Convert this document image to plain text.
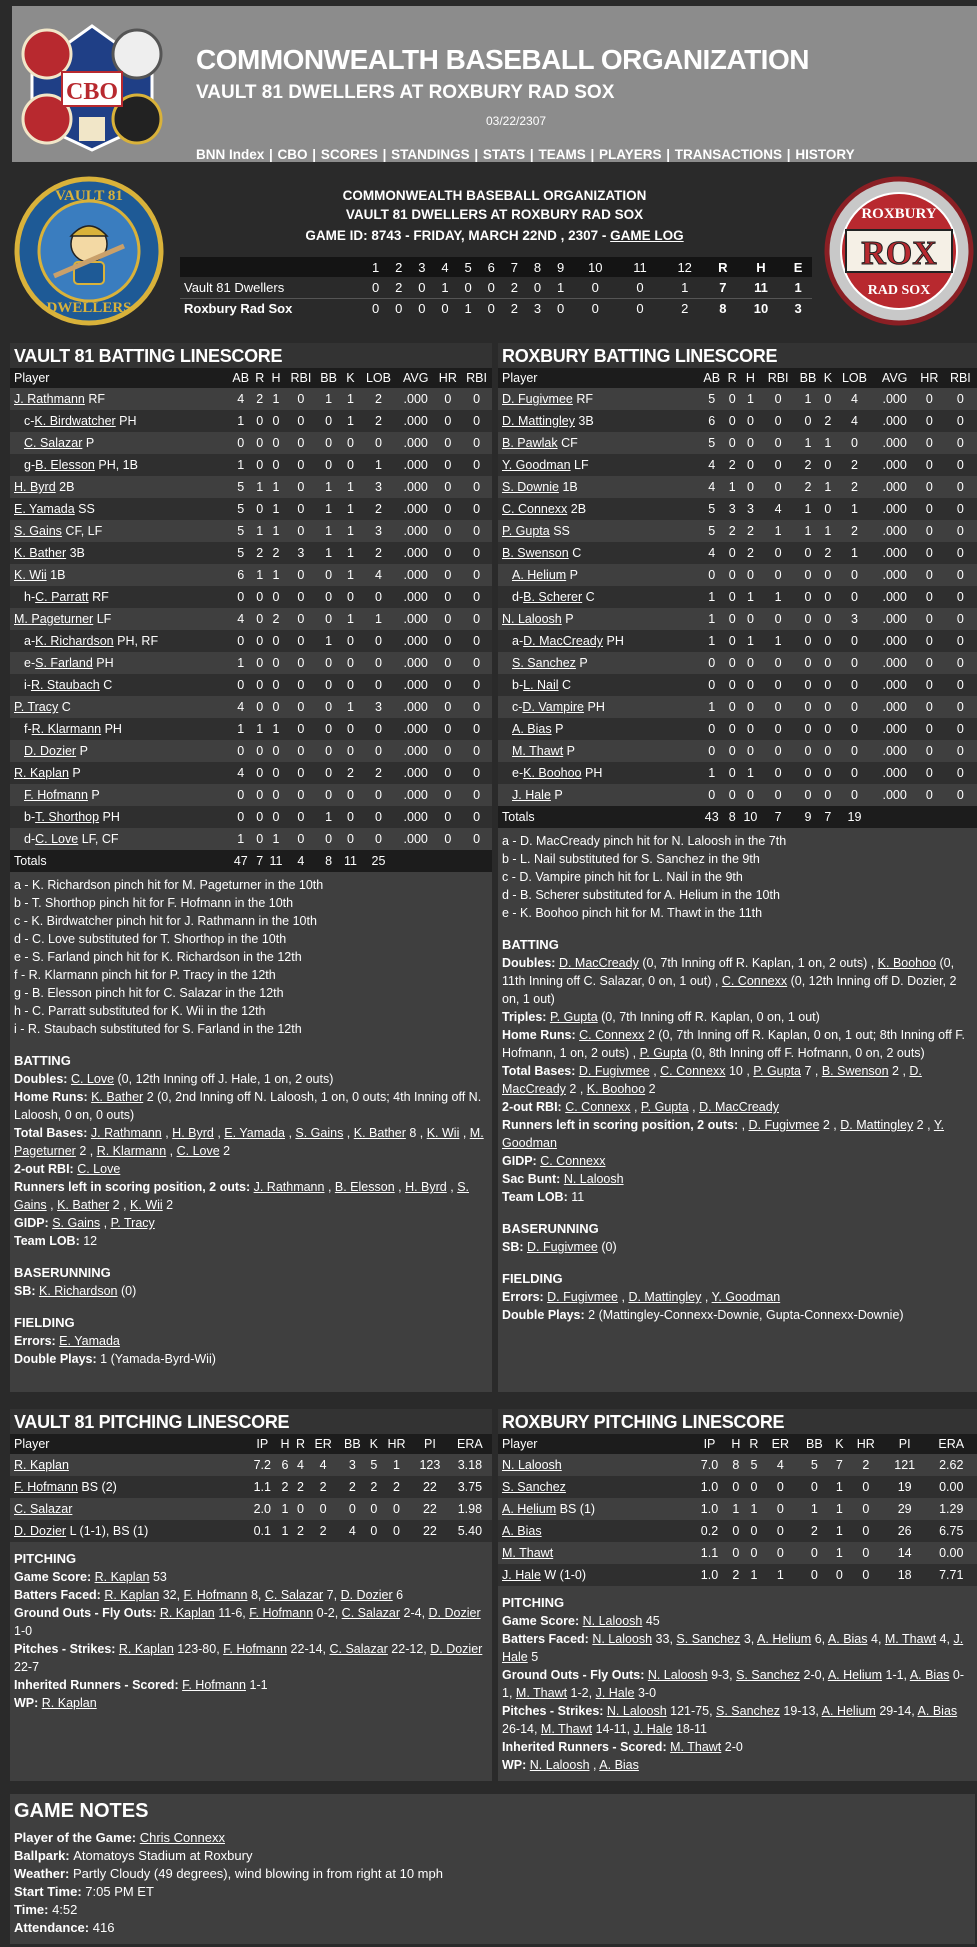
CBO
COMMONWEALTH BASEBALL ORGANIZATION
VAULT 81 DWELLERS AT ROXBURY RAD SOX
03/22/2307
BNN Index | CBO | SCORES | STANDINGS | STATS | TEAMS | PLAYERS | TRANSACTIONS | HISTORY
VAULT 81
DWELLERS
COMMONWEALTH BASEBALL ORGANIZATION
VAULT 81 DWELLERS AT ROXBURY RAD SOX
GAME ID: 8743 - FRIDAY, MARCH 22ND , 2307 - GAME LOG
	1	2	3	4	5	6	7	8	9	10	11	12	R	H	E
Vault 81 Dwellers	0	2	0	1	0	0	2	0	1	0	0	1	7	11	1
Roxbury Rad Sox	0	0	0	0	1	0	2	3	0	0	0	2	8	10	3
ROX
ROXBURY
RAD SOX
VAULT 81 BATTING LINESCORE
Player	AB	R	H	RBI	BB	K	LOB	AVG	HR	RBI
J. Rathmann RF	4	2	1	0	1	1	2	.000	0	0
c-K. Birdwatcher PH	1	0	0	0	0	1	2	.000	0	0
C. Salazar P	0	0	0	0	0	0	0	.000	0	0
g-B. Elesson PH, 1B	1	0	0	0	0	0	1	.000	0	0
H. Byrd 2B	5	1	1	0	1	1	3	.000	0	0
E. Yamada SS	5	0	1	0	1	1	2	.000	0	0
S. Gains CF, LF	5	1	1	0	1	1	3	.000	0	0
K. Bather 3B	5	2	2	3	1	1	2	.000	0	0
K. Wii 1B	6	1	1	0	0	1	4	.000	0	0
h-C. Parratt RF	0	0	0	0	0	0	0	.000	0	0
M. Pageturner LF	4	0	2	0	0	1	1	.000	0	0
a-K. Richardson PH, RF	0	0	0	0	1	0	0	.000	0	0
e-S. Farland PH	1	0	0	0	0	0	0	.000	0	0
i-R. Staubach C	0	0	0	0	0	0	0	.000	0	0
P. Tracy C	4	0	0	0	0	1	3	.000	0	0
f-R. Klarmann PH	1	1	1	0	0	0	0	.000	0	0
D. Dozier P	0	0	0	0	0	0	0	.000	0	0
R. Kaplan P	4	0	0	0	0	2	2	.000	0	0
F. Hofmann P	0	0	0	0	0	0	0	.000	0	0
b-T. Shorthop PH	0	0	0	0	1	0	0	.000	0	0
d-C. Love LF, CF	1	0	1	0	0	0	0	.000	0	0
Totals	47	7	11	4	8	11	25			
a - K. Richardson pinch hit for M. Pageturner in the 10th
b - T. Shorthop pinch hit for F. Hofmann in the 10th
c - K. Birdwatcher pinch hit for J. Rathmann in the 10th
d - C. Love substituted for T. Shorthop in the 10th
e - S. Farland pinch hit for K. Richardson in the 12th
f - R. Klarmann pinch hit for P. Tracy in the 12th
g - B. Elesson pinch hit for C. Salazar in the 12th
h - C. Parratt substituted for K. Wii in the 12th
i - R. Staubach substituted for S. Farland in the 12th
BATTING
Doubles: C. Love (0, 12th Inning off J. Hale, 1 on, 2 outs)
Home Runs: K. Bather 2 (0, 2nd Inning off N. Laloosh, 1 on, 0 outs; 4th Inning off N. Laloosh, 0 on, 0 outs)
Total Bases: J. Rathmann , H. Byrd , E. Yamada , S. Gains , K. Bather 8 , K. Wii , M. Pageturner 2 , R. Klarmann , C. Love 2
2-out RBI: C. Love
Runners left in scoring position, 2 outs: J. Rathmann , B. Elesson , H. Byrd , S. Gains , K. Bather 2 , K. Wii 2
GIDP: S. Gains , P. Tracy
Team LOB: 12
BASERUNNING
SB: K. Richardson (0)
FIELDING
Errors: E. Yamada
Double Plays: 1 (Yamada-Byrd-Wii)
ROXBURY BATTING LINESCORE
Player	AB	R	H	RBI	BB	K	LOB	AVG	HR	RBI
D. Fugivmee RF	5	0	1	0	1	0	4	.000	0	0
D. Mattingley 3B	6	0	0	0	0	2	4	.000	0	0
B. Pawlak CF	5	0	0	0	1	1	0	.000	0	0
Y. Goodman LF	4	2	0	0	2	0	2	.000	0	0
S. Downie 1B	4	1	0	0	2	1	2	.000	0	0
C. Connexx 2B	5	3	3	4	1	0	1	.000	0	0
P. Gupta SS	5	2	2	1	1	1	2	.000	0	0
B. Swenson C	4	0	2	0	0	2	1	.000	0	0
A. Helium P	0	0	0	0	0	0	0	.000	0	0
d-B. Scherer C	1	0	1	1	0	0	0	.000	0	0
N. Laloosh P	1	0	0	0	0	0	3	.000	0	0
a-D. MacCready PH	1	0	1	1	0	0	0	.000	0	0
S. Sanchez P	0	0	0	0	0	0	0	.000	0	0
b-L. Nail C	0	0	0	0	0	0	0	.000	0	0
c-D. Vampire PH	1	0	0	0	0	0	0	.000	0	0
A. Bias P	0	0	0	0	0	0	0	.000	0	0
M. Thawt P	0	0	0	0	0	0	0	.000	0	0
e-K. Boohoo PH	1	0	1	0	0	0	0	.000	0	0
J. Hale P	0	0	0	0	0	0	0	.000	0	0
Totals	43	8	10	7	9	7	19			
a - D. MacCready pinch hit for N. Laloosh in the 7th
b - L. Nail substituted for S. Sanchez in the 9th
c - D. Vampire pinch hit for L. Nail in the 9th
d - B. Scherer substituted for A. Helium in the 10th
e - K. Boohoo pinch hit for M. Thawt in the 11th
BATTING
Doubles: D. MacCready (0, 7th Inning off R. Kaplan, 1 on, 2 outs) , K. Boohoo (0, 11th Inning off C. Salazar, 0 on, 1 out) , C. Connexx (0, 12th Inning off D. Dozier, 2 on, 1 out)
Triples: P. Gupta (0, 7th Inning off R. Kaplan, 0 on, 1 out)
Home Runs: C. Connexx 2 (0, 7th Inning off R. Kaplan, 0 on, 1 out; 8th Inning off F. Hofmann, 1 on, 2 outs) , P. Gupta (0, 8th Inning off F. Hofmann, 0 on, 2 outs)
Total Bases: D. Fugivmee , C. Connexx 10 , P. Gupta 7 , B. Swenson 2 , D. MacCready 2 , K. Boohoo 2
2-out RBI: C. Connexx , P. Gupta , D. MacCready
Runners left in scoring position, 2 outs: , D. Fugivmee 2 , D. Mattingley 2 , Y. Goodman
GIDP: C. Connexx
Sac Bunt: N. Laloosh
Team LOB: 11
BASERUNNING
SB: D. Fugivmee (0)
FIELDING
Errors: D. Fugivmee , D. Mattingley , Y. Goodman
Double Plays: 2 (Mattingley-Connexx-Downie, Gupta-Connexx-Downie)
VAULT 81 PITCHING LINESCORE
Player	IP	H	R	ER	BB	K	HR	PI	ERA
R. Kaplan	7.2	6	4	4	3	5	1	123	3.18
F. Hofmann BS (2)	1.1	2	2	2	2	2	2	22	3.75
C. Salazar	2.0	1	0	0	0	0	0	22	1.98
D. Dozier L (1-1), BS (1)	0.1	1	2	2	4	0	0	22	5.40
PITCHING
Game Score: R. Kaplan 53
Batters Faced: R. Kaplan 32, F. Hofmann 8, C. Salazar 7, D. Dozier 6
Ground Outs - Fly Outs: R. Kaplan 11-6, F. Hofmann 0-2, C. Salazar 2-4, D. Dozier 1-0
Pitches - Strikes: R. Kaplan 123-80, F. Hofmann 22-14, C. Salazar 22-12, D. Dozier 22-7
Inherited Runners - Scored: F. Hofmann 1-1
WP: R. Kaplan
ROXBURY PITCHING LINESCORE
Player	IP	H	R	ER	BB	K	HR	PI	ERA
N. Laloosh	7.0	8	5	4	5	7	2	121	2.62
S. Sanchez	1.0	0	0	0	0	1	0	19	0.00
A. Helium BS (1)	1.0	1	1	0	1	1	0	29	1.29
A. Bias	0.2	0	0	0	2	1	0	26	6.75
M. Thawt	1.1	0	0	0	0	1	0	14	0.00
J. Hale W (1-0)	1.0	2	1	1	0	0	0	18	7.71
PITCHING
Game Score: N. Laloosh 45
Batters Faced: N. Laloosh 33, S. Sanchez 3, A. Helium 6, A. Bias 4, M. Thawt 4, J. Hale 5
Ground Outs - Fly Outs: N. Laloosh 9-3, S. Sanchez 2-0, A. Helium 1-1, A. Bias 0-1, M. Thawt 1-2, J. Hale 3-0
Pitches - Strikes: N. Laloosh 121-75, S. Sanchez 19-13, A. Helium 29-14, A. Bias 26-14, M. Thawt 14-11, J. Hale 18-11
Inherited Runners - Scored: M. Thawt 2-0
WP: N. Laloosh , A. Bias
GAME NOTES
Player of the Game: Chris Connexx
Ballpark: Atomatoys Stadium at Roxbury
Weather: Partly Cloudy (49 degrees), wind blowing in from right at 10 mph
Start Time: 7:05 PM ET
Time: 4:52
Attendance: 416
